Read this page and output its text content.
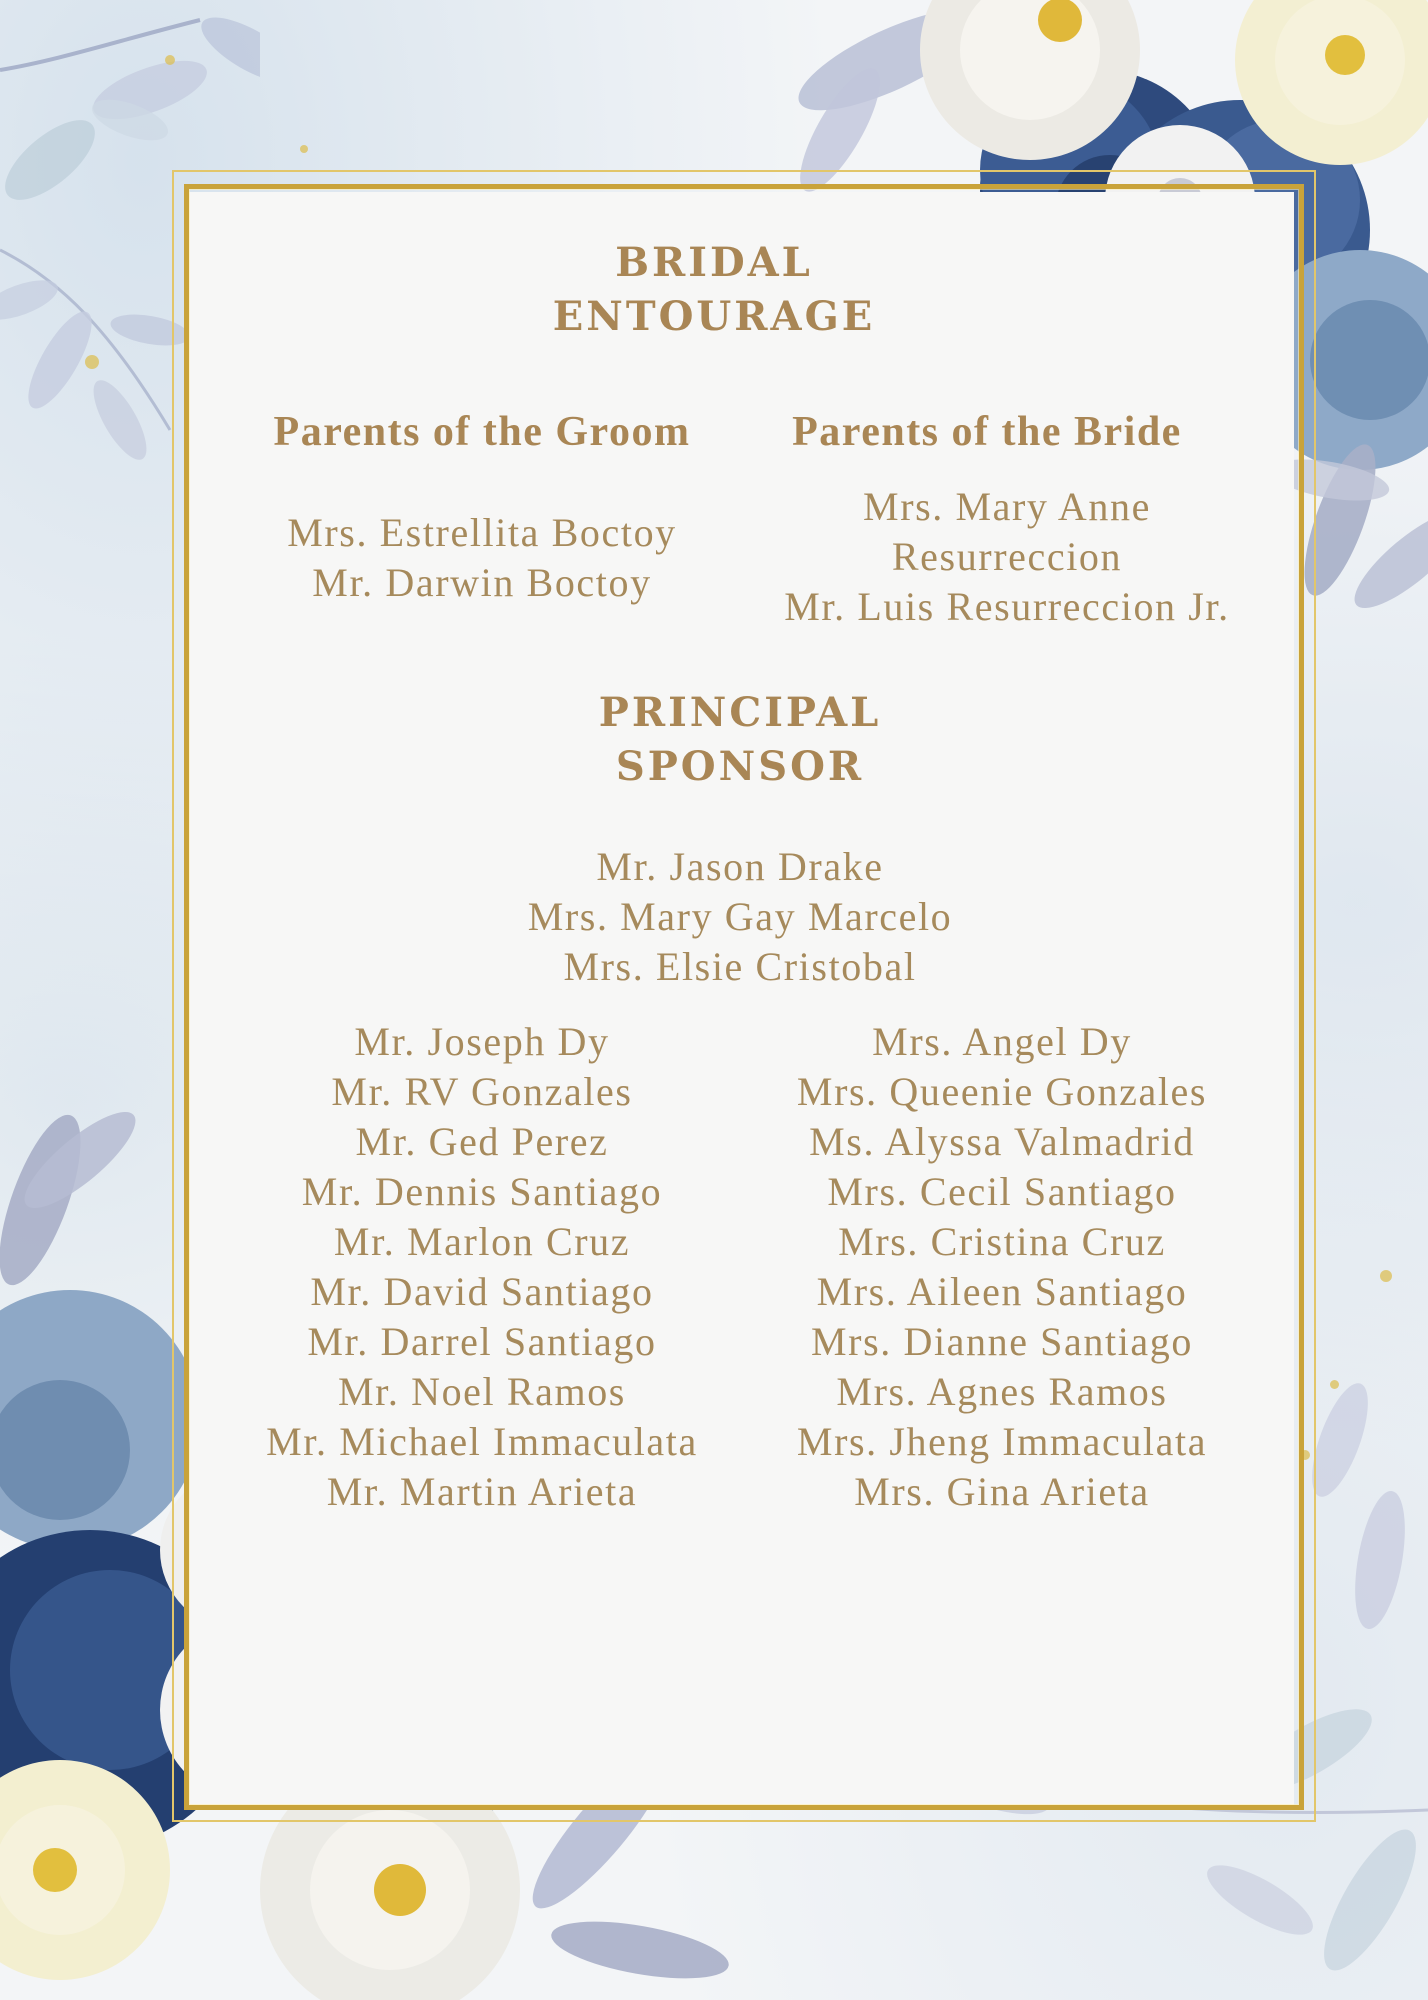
BRIDAL
ENTOURAGE
Parents of the Groom	Parents of the Bride
Mrs. Estrellita Boctoy
Mr. Darwin Boctoy
Mrs. Mary Anne
Resurreccion
Mr. Luis Resurreccion Jr.
PRINCIPAL
SPONSOR
Mr. Jason Drake
Mrs. Mary Gay Marcelo
Mrs. Elsie Cristobal
Mr. Joseph Dy
Mr. RV Gonzales
Mr. Ged Perez
Mr. Dennis Santiago
Mr. Marlon Cruz
Mr. David Santiago
Mr. Darrel Santiago
Mr. Noel Ramos
Mr. Michael Immaculata
Mr. Martin Arieta
Mrs. Angel Dy
Mrs. Queenie Gonzales
Ms. Alyssa Valmadrid
Mrs. Cecil Santiago
Mrs. Cristina Cruz
Mrs. Aileen Santiago
Mrs. Dianne Santiago
Mrs. Agnes Ramos
Mrs. Jheng Immaculata
Mrs. Gina Arieta
